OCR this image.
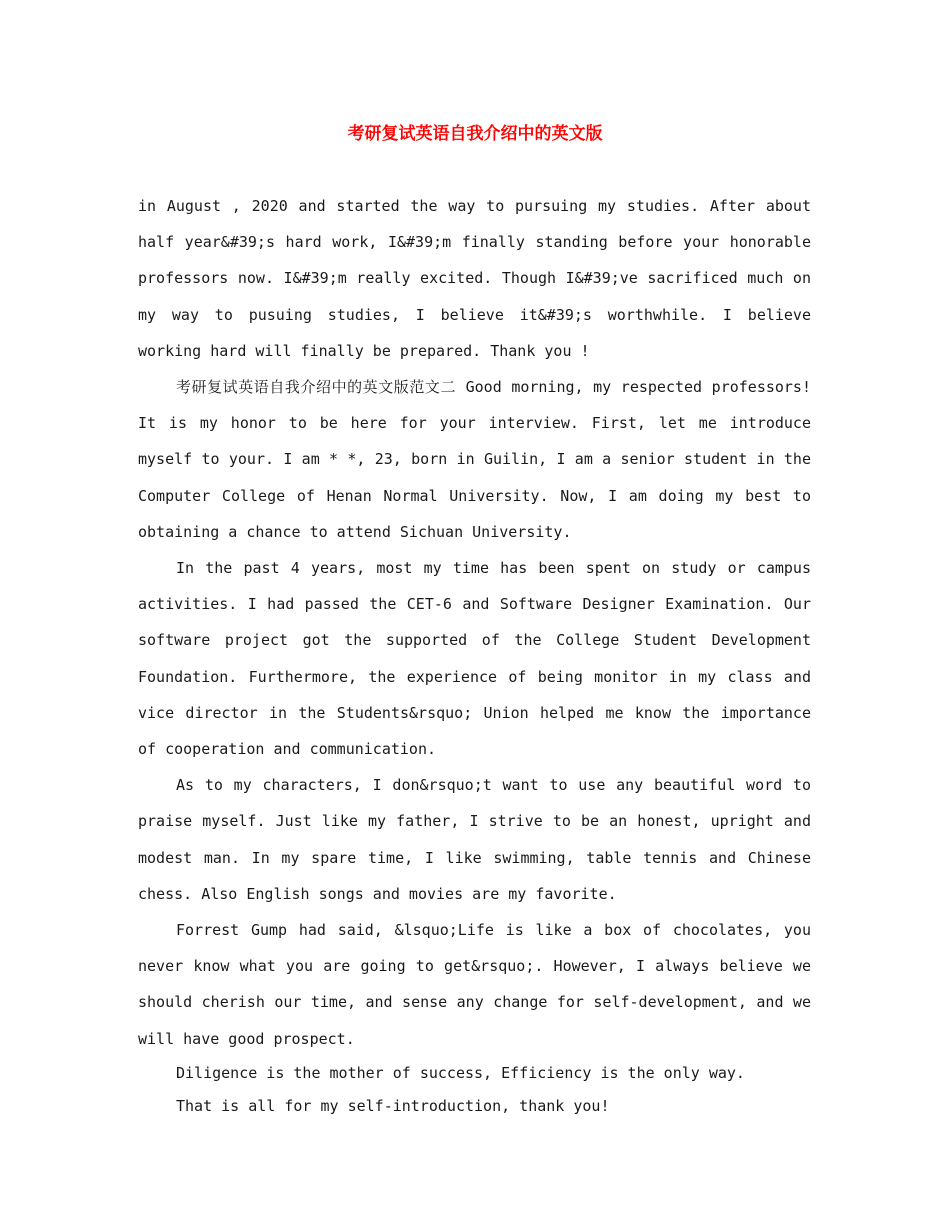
考研复试英语自我介绍中的英文版

in August , 2020 and started the way to pursuing my studies. After about half year&#39;s hard work, I&#39;m finally standing before your honorable professors now. I&#39;m really excited. Though I&#39;ve sacrificed much on my way to pusuing studies, I believe it&#39;s worthwhile. I believe working hard will finally be prepared. Thank you !

考研复试英语自我介绍中的英文版范文二 Good morning, my respected professors! It is my honor to be here for your interview. First, let me introduce myself to your. I am * *, 23, born in Guilin, I am a senior student in the Computer College of Henan Normal University. Now, I am doing my best to obtaining a chance to attend Sichuan University.

In the past 4 years, most my time has been spent on study or campus activities. I had passed the CET-6 and Software Designer Examination. Our software project got the supported of the College Student Development Foundation. Furthermore, the experience of being monitor in my class and vice director in the Students&rsquo; Union helped me know the importance of cooperation and communication.

As to my characters, I don&rsquo;t want to use any beautiful word to praise myself. Just like my father, I strive to be an honest, upright and modest man. In my spare time, I like swimming, table tennis and Chinese chess. Also English songs and movies are my favorite.

Forrest Gump had said, &lsquo;Life is like a box of chocolates, you never know what you are going to get&rsquo;. However, I always believe we should cherish our time, and sense any change for self-development, and we will have good prospect.

Diligence is the mother of success, Efficiency is the only way.

That is all for my self-introduction, thank you!
